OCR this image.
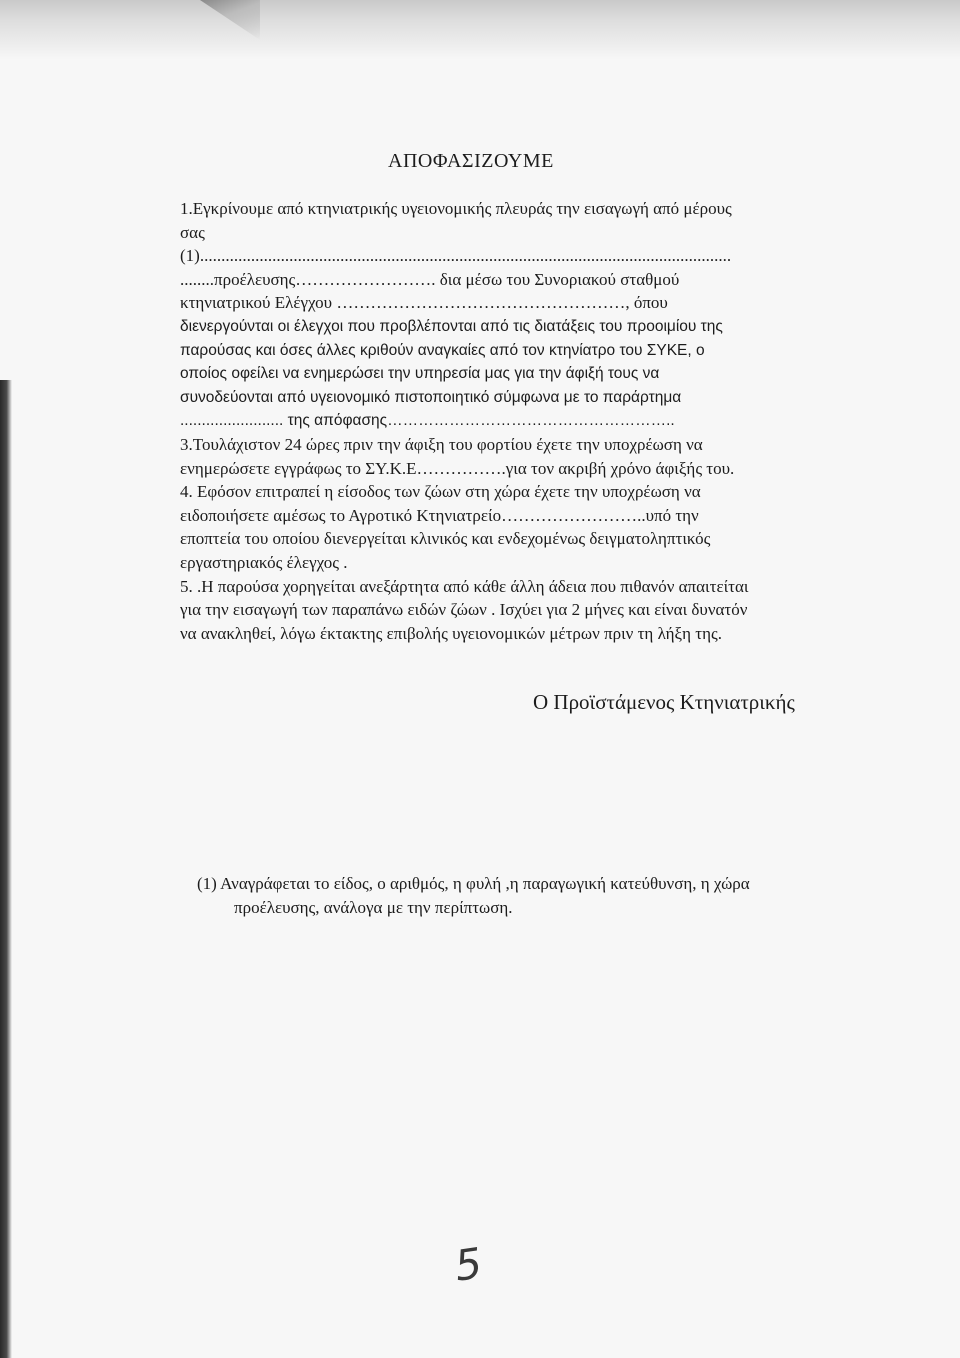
ΑΠΟΦΑΣΙΖΟΥΜΕ
1.Εγκρίνουμε από κτηνιατρικής υγειονομικής πλευράς την εισαγωγή από μέρους
σας
(1).............................................................................................................................
........προέλευσης……………………. δια μέσω του Συνοριακού σταθμού
κτηνιατρικού Ελέγχου ……………………………………………, όπου
διενεργούνται οι έλεγχοι που προβλέπονται από τις διατάξεις του προοιμίου της
παρούσας και όσες άλλες κριθούν αναγκαίες από τον κτηνίατρο του ΣΥΚΕ, ο
οποίος οφείλει να ενημερώσει την υπηρεσία μας για την άφιξή τους να
συνοδεύονται από υγειονομικό πιστοποιητικό σύμφωνα με το παράρτημα
........................ της απόφασης………………………………………………..
3.Τουλάχιστον 24 ώρες πριν την άφιξη του φορτίου έχετε την υποχρέωση να
ενημερώσετε εγγράφως το ΣΥ.Κ.Ε…………….για τον ακριβή χρόνο άφιξής του.
4. Εφόσον επιτραπεί η είσοδος των ζώων στη χώρα έχετε την υποχρέωση να
ειδοποιήσετε αμέσως το Αγροτικό Κτηνιατρείο……………………..υπό την
εποπτεία του οποίου διενεργείται κλινικός και ενδεχομένως δειγματοληπτικός
εργαστηριακός έλεγχος .
5. .Η παρούσα χορηγείται ανεξάρτητα από κάθε άλλη άδεια που πιθανόν απαιτείται
για την εισαγωγή των παραπάνω ειδών ζώων . Ισχύει για 2 μήνες και είναι δυνατόν
να ανακληθεί, λόγω έκτακτης επιβολής υγειονομικών μέτρων πριν τη λήξη της.
Ο Προϊστάμενος Κτηνιατρικής
(1) Αναγράφεται το είδος, ο αριθμός, η φυλή ,η παραγωγική κατεύθυνση, η χώρα
προέλευσης, ανάλογα με την περίπτωση.
5
